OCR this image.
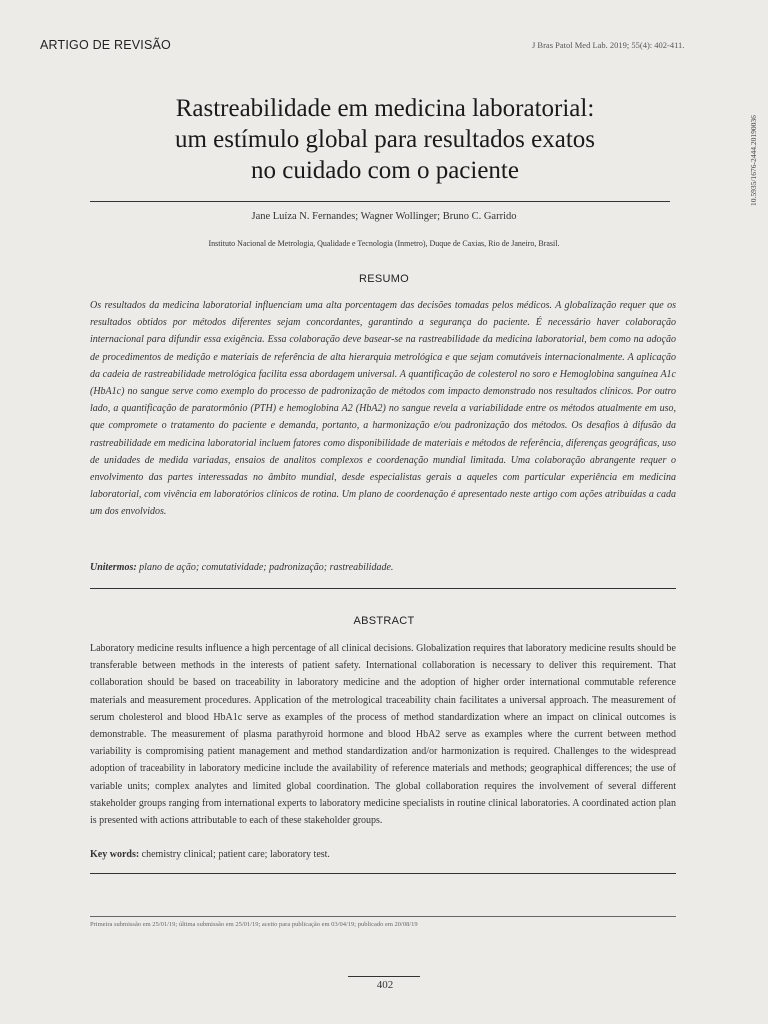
ARTIGO DE REVISÃO	J Bras Patol Med Lab. 2019; 55(4): 402-411.
10.5935/1676-2444.20190036
Rastreabilidade em medicina laboratorial:
um estímulo global para resultados exatos
no cuidado com o paciente
Jane Luíza N. Fernandes; Wagner Wollinger; Bruno C. Garrido
Instituto Nacional de Metrologia, Qualidade e Tecnologia (Inmetro), Duque de Caxias, Rio de Janeiro, Brasil.
RESUMO
Os resultados da medicina laboratorial influenciam uma alta porcentagem das decisões tomadas pelos médicos. A globalização requer que os resultados obtidos por métodos diferentes sejam concordantes, garantindo a segurança do paciente. É necessário haver colaboração internacional para difundir essa exigência. Essa colaboração deve basear-se na rastreabilidade da medicina laboratorial, bem como na adoção de procedimentos de medição e materiais de referência de alta hierarquia metrológica e que sejam comutáveis internacionalmente. A aplicação da cadeia de rastreabilidade metrológica facilita essa abordagem universal. A quantificação de colesterol no soro e Hemoglobina sanguínea A1c (HbA1c) no sangue serve como exemplo do processo de padronização de métodos com impacto demonstrado nos resultados clínicos. Por outro lado, a quantificação de paratormônio (PTH) e hemoglobina A2 (HbA2) no sangue revela a variabilidade entre os métodos atualmente em uso, que compromete o tratamento do paciente e demanda, portanto, a harmonização e/ou padronização dos métodos. Os desafios à difusão da rastreabilidade em medicina laboratorial incluem fatores como disponibilidade de materiais e métodos de referência, diferenças geográficas, uso de unidades de medida variadas, ensaios de analitos complexos e coordenação mundial limitada. Uma colaboração abrangente requer o envolvimento das partes interessadas no âmbito mundial, desde especialistas gerais a aqueles com particular experiência em medicina laboratorial, com vivência em laboratórios clínicos de rotina. Um plano de coordenação é apresentado neste artigo com ações atribuídas a cada um dos envolvidos.
Unitermos: plano de ação; comutatividade; padronização; rastreabilidade.
ABSTRACT
Laboratory medicine results influence a high percentage of all clinical decisions. Globalization requires that laboratory medicine results should be transferable between methods in the interests of patient safety. International collaboration is necessary to deliver this requirement. That collaboration should be based on traceability in laboratory medicine and the adoption of higher order international commutable reference materials and measurement procedures. Application of the metrological traceability chain facilitates a universal approach. The measurement of serum cholesterol and blood HbA1c serve as examples of the process of method standardization where an impact on clinical outcomes is demonstrable. The measurement of plasma parathyroid hormone and blood HbA2 serve as examples where the current between method variability is compromising patient management and method standardization and/or harmonization is required. Challenges to the widespread adoption of traceability in laboratory medicine include the availability of reference materials and methods; geographical differences; the use of variable units; complex analytes and limited global coordination. The global collaboration requires the involvement of several different stakeholder groups ranging from international experts to laboratory medicine specialists in routine clinical laboratories. A coordinated action plan is presented with actions attributable to each of these stakeholder groups.
Key words: chemistry clinical; patient care; laboratory test.
Primeira submissão em 25/01/19; última submissão em 25/01/19; aceito para publicação em 03/04/19; publicado em 20/08/19
402
